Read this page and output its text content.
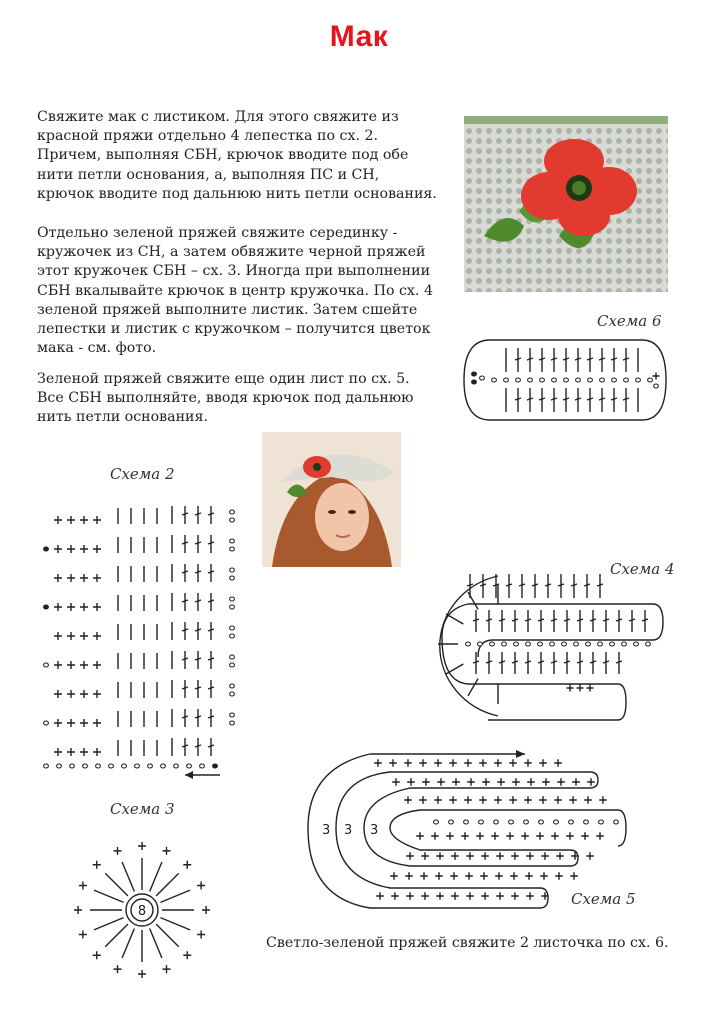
Мак

Свяжите мак с листиком. Для этого свяжите из красной пряжи отдельно 4 лепестка по сх. 2. Причем, выполняя СБН, крючок вводите под обе нити петли основания, а, выполняя ПС и СН, крючок вводите под дальнюю нить петли основания.

Отдельно зеленой пряжей свяжите серединку - кружочек из СН, а затем обвяжите черной пряжей этот кружочек СБН – сх. 3. Иногда при выполнении СБН вкалывайте крючок в центр кружочка. По сх. 4 зеленой пряжей выполните листик. Затем сшейте лепестки и листик с кружочком – получится цветок мака - см. фото.

Зеленой пряжей свяжите еще один лист по сх. 5. Все СБН выполняйте, вводя крючок под дальнюю нить петли основания.

Схема 6
Схема 2
Схема 3
8
Схема 4
3 3 3
Схема 5
Светло-зеленой пряжей свяжите 2 листочка по сх. 6.
